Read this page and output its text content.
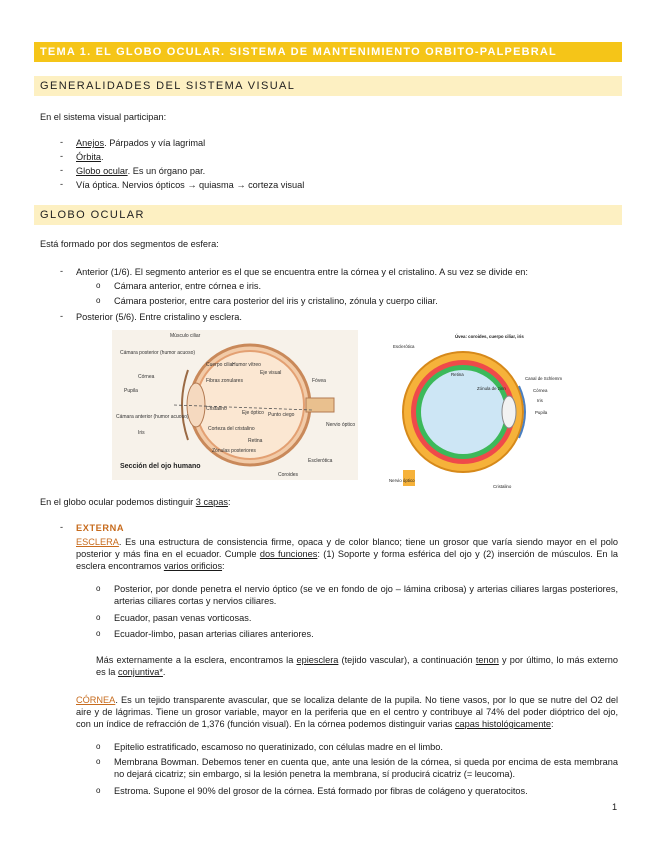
TEMA 1. EL GLOBO OCULAR. SISTEMA DE MANTENIMIENTO ORBITO-PALPEBRAL
GENERALIDADES DEL SISTEMA VISUAL
En el sistema visual participan:
- Anejos. Párpados y vía lagrimal
- Órbita.
- Globo ocular. Es un órgano par.
- Vía óptica. Nervios ópticos → quiasma → corteza visual
GLOBO OCULAR
Está formado por dos segmentos de esfera:
- Anterior (1/6). El segmento anterior es el que se encuentra entre la córnea y el cristalino. A su vez se divide en:
o Cámara anterior, entre córnea e iris.
o Cámara posterior, entre cara posterior del iris y cristalino, zónula y cuerpo ciliar.
- Posterior (5/6). Entre cristalino y esclera.
Músculo ciliar
Cámara posterior (humor acuoso)
Córnea
Pupila
Cámara anterior (humor acuoso)
Iris
Cuerpo ciliar
Fibras zonulares
Humor vítreo
Eje visual
Cristalino
Eje óptico
Corteza del cristalino
Zónulas posteriores
Retina
Punto ciego
Fóvea
Nervio óptico
Esclerótica
Coroides
Sección del ojo humano
Úvea: coroides, cuerpo ciliar, iris
Esclerótica
Retina
Zónula de zinn
Canal de Schlemm
Córnea
Iris
Pupila
Nervio óptico
Cristalino
En el globo ocular podemos distinguir 3 capas:
- EXTERNA
ESCLERA. Es una estructura de consistencia firme, opaca y de color blanco; tiene un grosor que varía siendo mayor en el polo posterior y más fina en el ecuador. Cumple dos funciones: (1) Soporte y forma esférica del ojo y (2) inserción de músculos. En la esclera encontramos varios orificios:
o Posterior, por donde penetra el nervio óptico (se ve en fondo de ojo – lámina cribosa) y arterias ciliares largas posteriores, arterias ciliares cortas y nervios ciliares.
o Ecuador, pasan venas vorticosas.
o Ecuador-limbo, pasan arterias ciliares anteriores.
Más externamente a la esclera, encontramos la epiesclera (tejido vascular), a continuación tenon y por último, lo más externo es la conjuntiva*.
CÓRNEA. Es un tejido transparente avascular, que se localiza delante de la pupila. No tiene vasos, por lo que se nutre del O2 del aire y de lágrimas. Tiene un grosor variable, mayor en la periferia que en el centro y contribuye al 74% del poder dióptrico del ojo, con un índice de refracción de 1,376 (función visual). En la córnea podemos distinguir varias capas histológicamente:
o Epitelio estratificado, escamoso no queratinizado, con células madre en el limbo.
o Membrana Bowman. Debemos tener en cuenta que, ante una lesión de la córnea, si queda por encima de esta membrana no dejará cicatriz; sin embargo, si la lesión penetra la membrana, sí producirá cicatriz (= leucoma).
o Estroma. Supone el 90% del grosor de la córnea. Está formado por fibras de colágeno y queratocitos.
1
